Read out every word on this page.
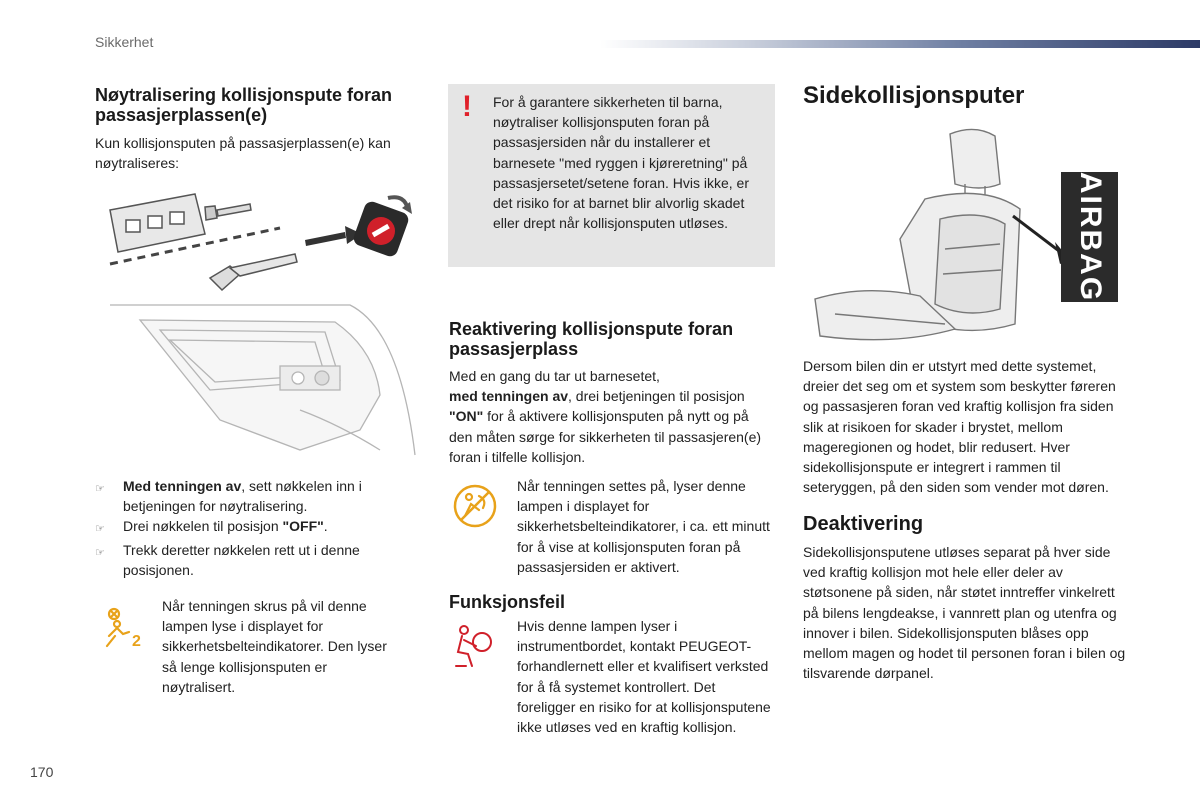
Sikkerhet
Nøytralisering kollisjonspute foran passasjerplassen(e)

Kun kollisjonsputen på passasjerplassen(e) kan nøytraliseres:

☞	Med tenningen av, sett nøkkelen inn i betjeningen for nøytralisering.
☞	Drei nøkkelen til posisjon "OFF".
☞	Trekk deretter nøkkelen rett ut i denne posisjonen.
2

Når tenningen skrus på vil denne lampen lyse i displayet for sikkerhetsbelteindikatorer. Den lyser så lenge kollisjonsputen er nøytralisert.

! For å garantere sikkerheten til barna, nøytraliser kollisjonsputen foran på passasjersiden når du installerer et barnesete "med ryggen i kjøreretning" på passasjersetet/setene foran. Hvis ikke, er det risiko for at barnet blir alvorlig skadet eller drept når kollisjonsputen utløses.

Reaktivering kollisjonspute foran passasjerplass

Med en gang du tar ut barnesetet,
med tenningen av, drei betjeningen til posisjon "ON" for å aktivere kollisjonsputen på nytt og på den måten sørge for sikkerheten til passasjeren(e) foran i tilfelle kollisjon.

Når tenningen settes på, lyser denne lampen i displayet for sikkerhetsbelteindikatorer, i ca. ett minutt for å vise at kollisjonsputen foran på passasjersiden er aktivert.

Funksjonsfeil

Hvis denne lampen lyser i instrumentbordet, kontakt PEUGEOT-forhandlernett eller et kvalifisert verksted for å få systemet kontrollert. Det foreligger en risiko for at kollisjonsputene ikke utløses ved en kraftig kollisjon.

Sidekollisjonsputer
AIRBAG

Dersom bilen din er utstyrt med dette systemet, dreier det seg om et system som beskytter føreren og passasjeren foran ved kraftig kollisjon fra siden slik at risikoen for skader i brystet, mellom mageregionen og hodet, blir redusert. Hver sidekollisjonspute er integrert i rammen til seteryggen, på den siden som vender mot døren.

Deaktivering

Sidekollisjonsputene utløses separat på hver side ved kraftig kollisjon mot hele eller deler av støtsonene på siden, når støtet inntreffer vinkelrett på bilens lengdeakse, i vannrett plan og utenfra og innover i bilen. Sidekollisjonsputen blåses opp mellom magen og hodet til personen foran i bilen og tilsvarende dørpanel.

170
